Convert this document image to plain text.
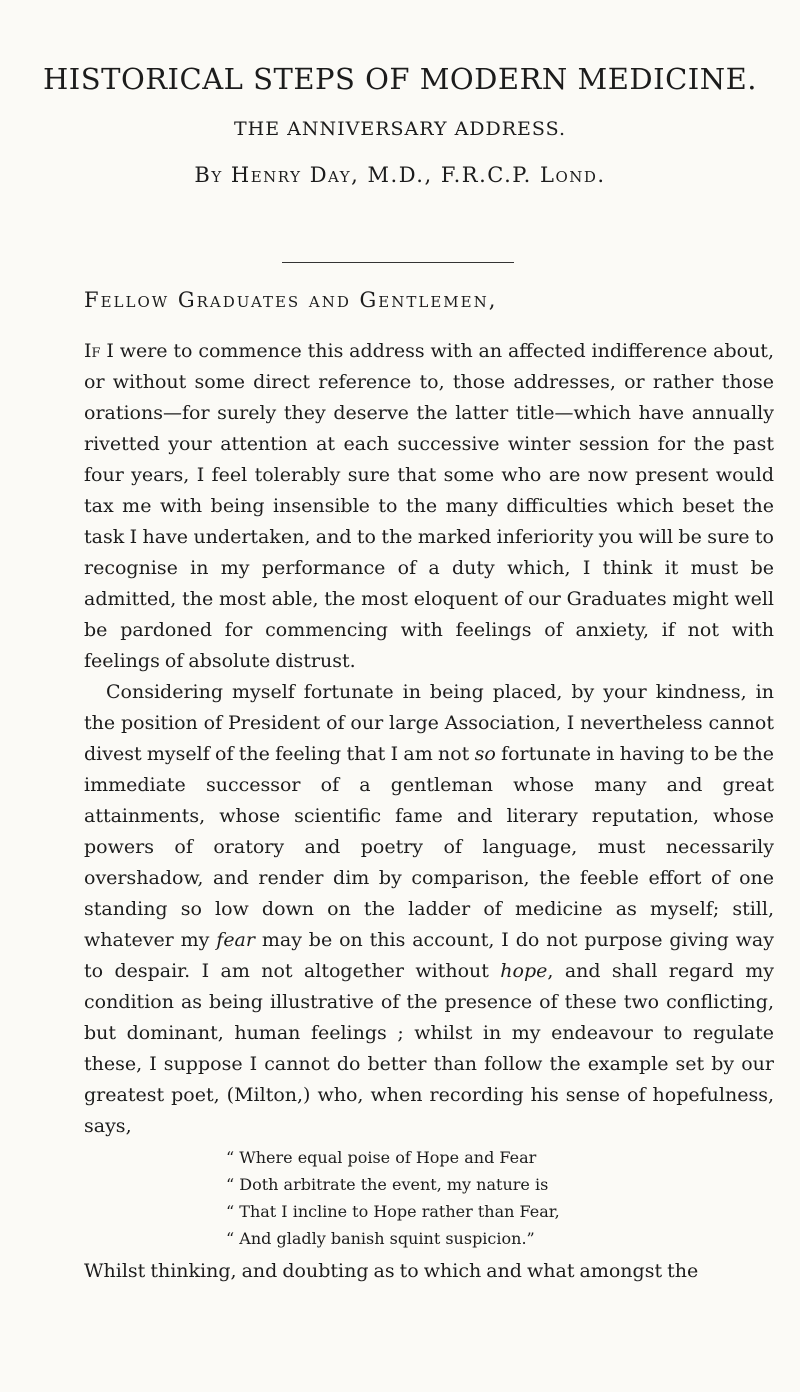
HISTORICAL STEPS OF MODERN MEDICINE.
THE ANNIVERSARY ADDRESS.
By Henry Day, M.D., F.R.C.P. Lond.
Fellow Graduates and Gentlemen,

If I were to commence this address with an affected indifference about, or without some direct reference to, those addresses, or rather those orations—for surely they deserve the latter title—which have annually rivetted your attention at each successive winter session for the past four years, I feel tolerably sure that some who are now present would tax me with being insensible to the many difficulties which beset the task I have undertaken, and to the marked inferiority you will be sure to recognise in my performance of a duty which, I think it must be admitted, the most able, the most eloquent of our Graduates might well be pardoned for commencing with feelings of anxiety, if not with feelings of absolute distrust.

Considering myself fortunate in being placed, by your kindness, in the position of President of our large Association, I nevertheless cannot divest myself of the feeling that I am not so fortunate in having to be the immediate successor of a gentleman whose many and great attainments, whose scientific fame and literary reputation, whose powers of oratory and poetry of language, must necessarily overshadow, and render dim by comparison, the feeble effort of one standing so low down on the ladder of medicine as myself; still, whatever my fear may be on this account, I do not purpose giving way to despair. I am not altogether without hope, and shall regard my condition as being illustrative of the presence of these two conflicting, but dominant, human feelings ; whilst in my endeavour to regulate these, I suppose I cannot do better than follow the example set by our greatest poet, (Milton,) who, when recording his sense of hopefulness, says,

“ Where equal poise of Hope and Fear
“ Doth arbitrate the event, my nature is
“ That I incline to Hope rather than Fear,
“ And gladly banish squint suspicion.”

Whilst thinking, and doubting as to which and what amongst the
